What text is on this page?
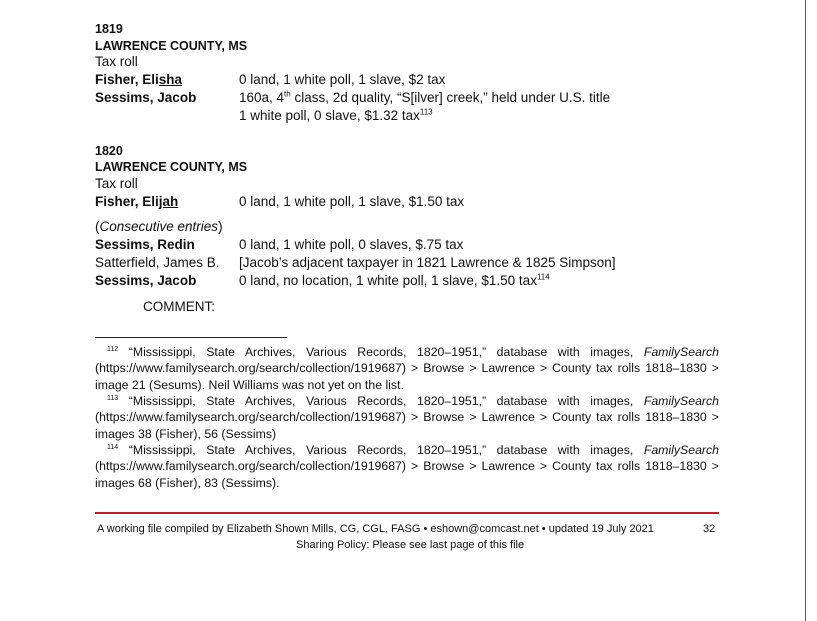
1819
LAWRENCE COUNTY, MS
Tax roll
Fisher, Elisha	0 land, 1 white poll, 1 slave, $2 tax
Sessims, Jacob	160a, 4th class, 2d quality, “S[ilver] creek,” held under U.S. title
1 white poll, 0 slave, $1.32 tax$^{113}$
1820
LAWRENCE COUNTY, MS
Tax roll
Fisher, Elijah	0 land, 1 white poll, 1 slave, $1.50 tax
(Consecutive entries)
Sessims, Redin	0 land, 1 white poll, 0 slaves, $.75 tax
Satterfield, James B. [Jacob’s adjacent taxpayer in 1821 Lawrence & 1825 Simpson]
Sessims, Jacob	0 land, no location, 1 white poll, 1 slave, $1.50 tax$^{114}$
COMMENT:
$^{112}$ “Mississippi, State Archives, Various Records, 1820–1951,” database with images, FamilySearch (https://www.familysearch.org/search/collection/1919687) > Browse > Lawrence > County tax rolls 1818–1830 > image 21 (Sesums). Neil Williams was not yet on the list.
$^{113}$ “Mississippi, State Archives, Various Records, 1820–1951,” database with images, FamilySearch (https://www.familysearch.org/search/collection/1919687) > Browse > Lawrence > County tax rolls 1818–1830 > images 38 (Fisher), 56 (Sessims)
$^{114}$ “Mississippi, State Archives, Various Records, 1820–1951,” database with images, FamilySearch (https://www.familysearch.org/search/collection/1919687) > Browse > Lawrence > County tax rolls 1818–1830 > images 68 (Fisher), 83 (Sessims).
A working file compiled by Elizabeth Shown Mills, CG, CGL, FASG • eshown@comcast.net • updated 19 July 2021	32
Sharing Policy: Please see last page of this file
